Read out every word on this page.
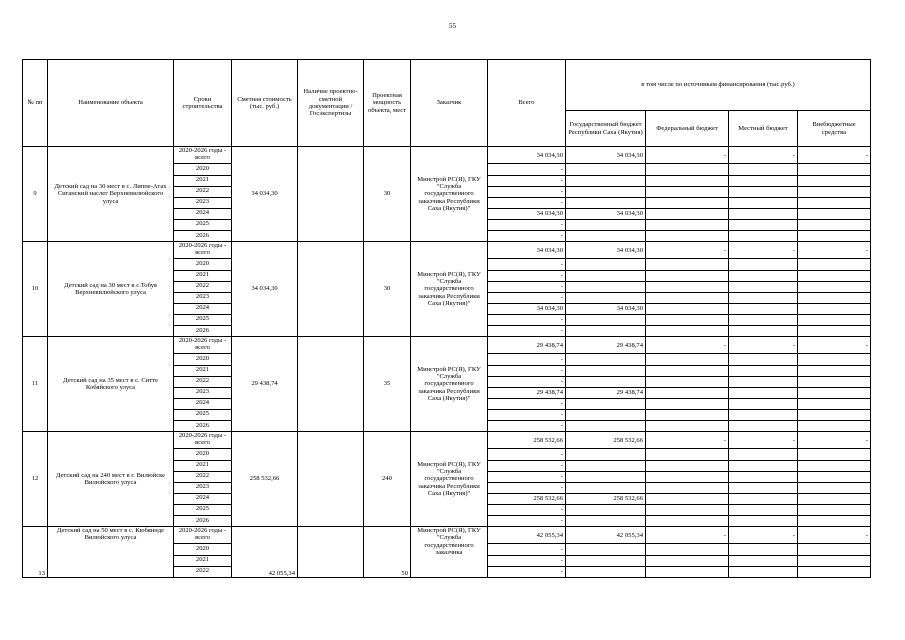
55
№ пп	Наименование объекта	Сроки строительства	Сметная стоимость (тыс. руб.)	Наличие проектно-сметной документации /Госэкспертизы	Проектная мощность объекта, мест	Заказчик	Всего	в том числе по источникам финансирования (тыс.руб.)			
								Государственный бюджет Республики Саха (Якутия)	Федеральный бюджет	Местный бюджет	Внебюджетные средства
9	Детский сад на 30 мест в с. Липпе-Атах Сиганский наслег Верхневилюйского улуса	2020-2026 годы - всего	34 034,30		30	Минстрой РС(Я), ГКУ "Служба государственного заказчика Республики Саха (Якутия)"	34 034,30	34 034,30	-	-	-
		2020					-				
		2021					-				
		2022					-				
		2023					-				
		2024					34 034,30	34 034,30			
		2025					-				
		2026					-				
10	Детский сад на 30 мест в с.Тобуя Верхневилюйского улуса	2020-2026 годы - всего	34 034,30		30	Минстрой РС(Я), ГКУ "Служба государственного заказчика Республики Саха (Якутия)"	34 034,30	34 034,30	-	-	-
		2020					-				
		2021					-				
		2022					-				
		2023					-				
		2024					34 034,30	34 034,30			
		2025					-				
		2026					-				
11	Детский сад на 35 мест в с. Ситте Кобяйского улуса	2020-2026 годы - всего	29 438,74		35	Минстрой РС(Я), ГКУ "Служба государственного заказчика Республики Саха (Якутия)"	29 438,74	29 438,74	-	-	-
		2020					-				
		2021					-				
		2022					-				
		2023					29 438,74	29 438,74			
		2024					-				
		2025					-				
		2026					-				
12	Детский сад на 240 мест в г. Вилюйске Вилюйского улуса	2020-2026 годы - всего	258 532,66		240	Минстрой РС(Я), ГКУ "Служба государственного заказчика Республики Саха (Якутия)"	258 532,66	258 532,66	-	-	-
		2020					-				
		2021					-				
		2022					-				
		2023					-				
		2024					258 532,66	258 532,66			
		2025					-				
		2026					-				
13	Детский сад на 50 мест в с. Кюбяинде Вилюйского улуса	2020-2026 годы - всего	42 055,34		50	Минстрой РС(Я), ГКУ "Служба государственного заказчика	42 055,34	42 055,34	-	-	-
		2020					-				
		2021					-				
		2022					-				
